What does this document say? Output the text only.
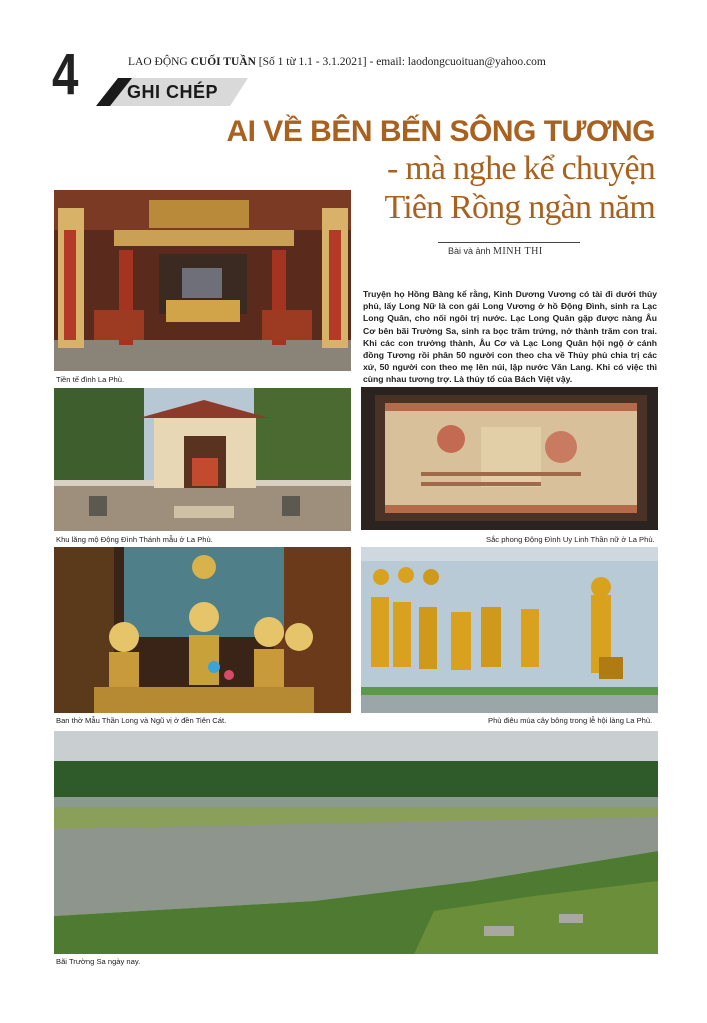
4	LAO ĐỘNG CUỐI TUẦN [Số 1 từ 1.1 - 3.1.2021] - email: laodongcuoituan@yahoo.com
GHI CHÉP
AI VỀ BÊN BẾN SÔNG TƯƠNG
- mà nghe kể chuyện
Tiên Rồng ngàn năm
Bài và ảnh MINH THI
Truyện họ Hồng Bàng kể rằng, Kinh Dương Vương có tài đi dưới thủy phủ, lấy Long Nữ là con gái Long Vương ở hồ Động Đình, sinh ra Lạc Long Quân, cho nối ngôi trị nước. Lạc Long Quân gặp được nàng Âu Cơ bên bãi Trường Sa, sinh ra bọc trăm trứng, nở thành trăm con trai. Khi các con trưởng thành, Âu Cơ và Lạc Long Quân hội ngộ ở cánh đồng Tương rồi phân 50 người con theo cha về Thủy phủ chia trị các xứ, 50 người con theo mẹ lên núi, lập nước Văn Lang. Khi có việc thì cùng nhau tương trợ. Là thủy tổ của Bách Việt vậy.
Tiền tế đình La Phù.
Khu lăng mộ Động Đình Thánh mẫu ở La Phù.	Sắc phong Động Đình Uy Linh Thần nữ ở La Phù.
Ban thờ Mẫu Thần Long và Ngũ vị ở đền Tiên Cát.	Phù điêu múa cây bông trong lễ hội làng La Phù.
Bãi Trường Sa ngày nay.
